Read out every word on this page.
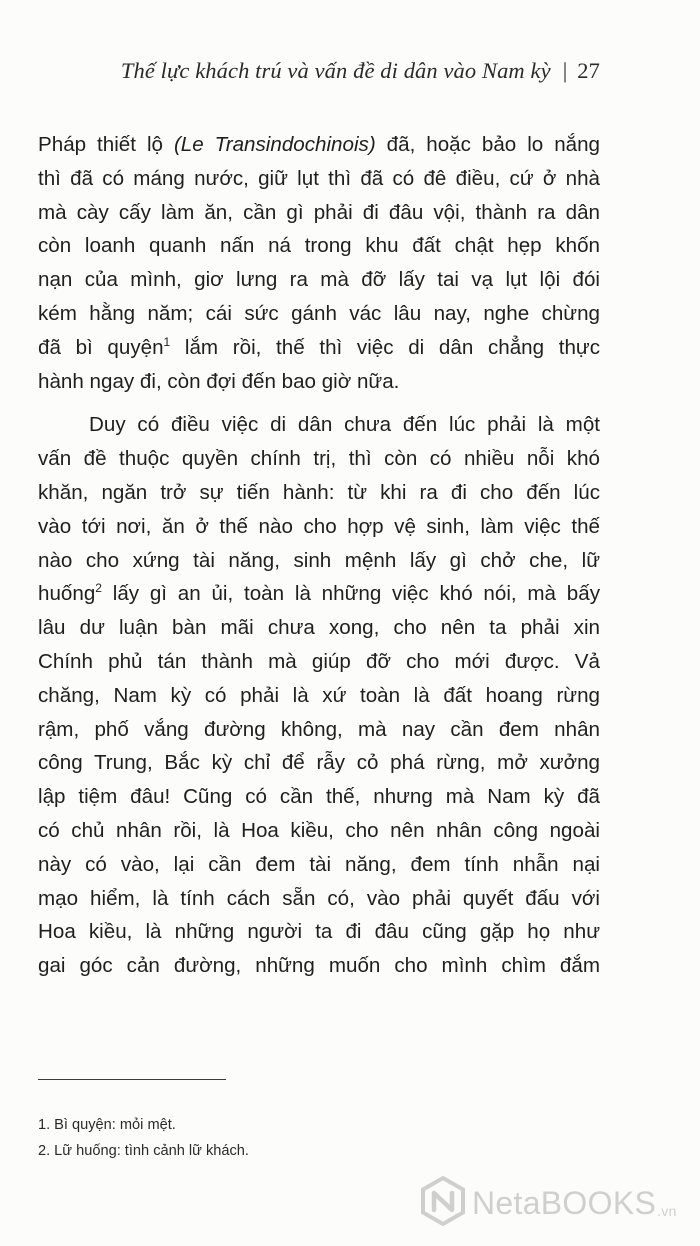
Thế lực khách trú và vấn đề di dân vào Nam kỳ | 27

Pháp thiết lộ (Le Transindochinois) đã, hoặc bảo lo nắng
thì đã có máng nước, giữ lụt thì đã có đê điều, cứ ở nhà
mà cày cấy làm ăn, cần gì phải đi đâu vội, thành ra dân
còn loanh quanh nấn ná trong khu đất chật hẹp khốn
nạn của mình, giơ lưng ra mà đỡ lấy tai vạ lụt lội đói
kém hằng năm; cái sức gánh vác lâu nay, nghe chừng
đã bì quyện$^1$ lắm rồi, thế thì việc di dân chẳng thực
hành ngay đi, còn đợi đến bao giờ nữa.

Duy có điều việc di dân chưa đến lúc phải là một
vấn đề thuộc quyền chính trị, thì còn có nhiều nỗi khó
khăn, ngăn trở sự tiến hành: từ khi ra đi cho đến lúc
vào tới nơi, ăn ở thế nào cho hợp vệ sinh, làm việc thế
nào cho xứng tài năng, sinh mệnh lấy gì chở che, lữ
huống$^2$ lấy gì an ủi, toàn là những việc khó nói, mà bấy
lâu dư luận bàn mãi chưa xong, cho nên ta phải xin
Chính phủ tán thành mà giúp đỡ cho mới được. Vả
chăng, Nam kỳ có phải là xứ toàn là đất hoang rừng
rậm, phố vắng đường không, mà nay cần đem nhân
công Trung, Bắc kỳ chỉ để rẫy cỏ phá rừng, mở xưởng
lập tiệm đâu! Cũng có cần thế, nhưng mà Nam kỳ đã
có chủ nhân rồi, là Hoa kiều, cho nên nhân công ngoài
này có vào, lại cần đem tài năng, đem tính nhẫn nại
mạo hiểm, là tính cách sẵn có, vào phải quyết đấu với
Hoa kiều, là những người ta đi đâu cũng gặp họ như
gai góc cản đường, những muốn cho mình chìm đắm

1. Bì quyện: mỏi mệt.
2. Lữ huống: tình cảnh lữ khách.
NetaBOOKS.vn
